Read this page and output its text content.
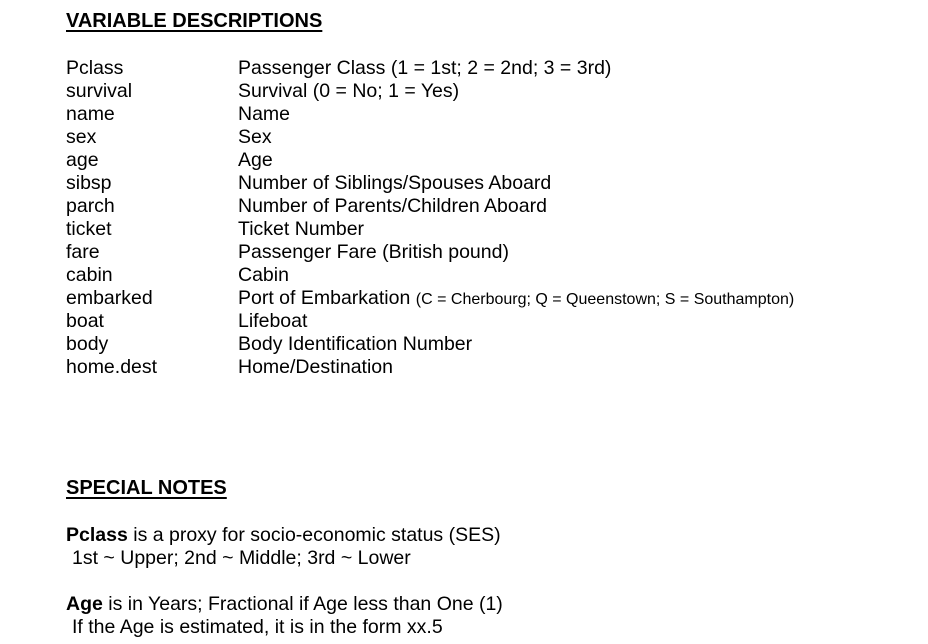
VARIABLE DESCRIPTIONS
Pclass	Passenger Class (1 = 1st; 2 = 2nd; 3 = 3rd)
survival	Survival (0 = No; 1 = Yes)
name	Name
sex	Sex
age	Age
sibsp	Number of Siblings/Spouses Aboard
parch	Number of Parents/Children Aboard
ticket	Ticket Number
fare	Passenger Fare (British pound)
cabin	Cabin
embarked	Port of Embarkation (C = Cherbourg; Q = Queenstown; S = Southampton)
boat	Lifeboat
body	Body Identification Number
home.dest	Home/Destination
SPECIAL NOTES
Pclass is a proxy for socio-economic status (SES)
1st ~ Upper; 2nd ~ Middle; 3rd ~ Lower
Age is in Years; Fractional if Age less than One (1)
If the Age is estimated, it is in the form xx.5
